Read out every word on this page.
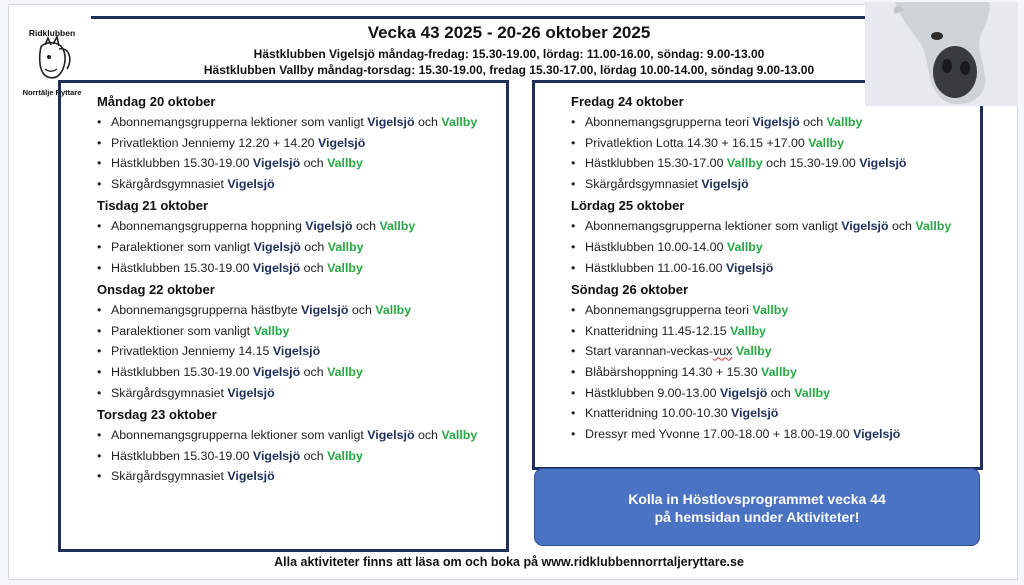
Ridklubben
Norrtälje Ryttare
Vecka 43 2025 - 20-26 oktober 2025
Hästklubben Vigelsjö måndag-fredag: 15.30-19.00, lördag: 11.00-16.00, söndag: 9.00-13.00
Hästklubben Vallby måndag-torsdag: 15.30-19.00, fredag 15.30-17.00, lördag 10.00-14.00, söndag 9.00-13.00
Måndag 20 oktober
• Abonnemangsgrupperna lektioner som vanligt Vigelsjö och Vallby
• Privatlektion Jenniemy 12.20 + 14.20 Vigelsjö
• Hästklubben 15.30-19.00 Vigelsjö och Vallby
• Skärgårdsgymnasiet Vigelsjö
Tisdag 21 oktober
• Abonnemangsgrupperna hoppning Vigelsjö och Vallby
• Paralektioner som vanligt Vigelsjö och Vallby
• Hästklubben 15.30-19.00 Vigelsjö och Vallby
Onsdag 22 oktober
• Abonnemangsgrupperna hästbyte Vigelsjö och Vallby
• Paralektioner som vanligt Vallby
• Privatlektion Jenniemy 14.15 Vigelsjö
• Hästklubben 15.30-19.00 Vigelsjö och Vallby
• Skärgårdsgymnasiet Vigelsjö
Torsdag 23 oktober
• Abonnemangsgrupperna lektioner som vanligt Vigelsjö och Vallby
• Hästklubben 15.30-19.00 Vigelsjö och Vallby
• Skärgårdsgymnasiet Vigelsjö
Fredag 24 oktober
• Abonnemangsgrupperna teori Vigelsjö och Vallby
• Privatlektion Lotta 14.30 + 16.15 +17.00 Vallby
• Hästklubben 15.30-17.00 Vallby och 15.30-19.00 Vigelsjö
• Skärgårdsgymnasiet Vigelsjö
Lördag 25 oktober
• Abonnemangsgrupperna lektioner som vanligt Vigelsjö och Vallby
• Hästklubben 10.00-14.00 Vallby
• Hästklubben 11.00-16.00 Vigelsjö
Söndag 26 oktober
• Abonnemangsgrupperna teori Vallby
• Knatteridning 11.45-12.15 Vallby
• Start varannan-veckas-vux Vallby
• Blåbärshoppning 14.30 + 15.30 Vallby
• Hästklubben 9.00-13.00 Vigelsjö och Vallby
• Knatteridning 10.00-10.30 Vigelsjö
• Dressyr med Yvonne 17.00-18.00 + 18.00-19.00 Vigelsjö
Kolla in Höstlovsprogrammet vecka 44
på hemsidan under Aktiviteter!
Alla aktiviteter finns att läsa om och boka på www.ridklubbennorrtaljeryttare.se
